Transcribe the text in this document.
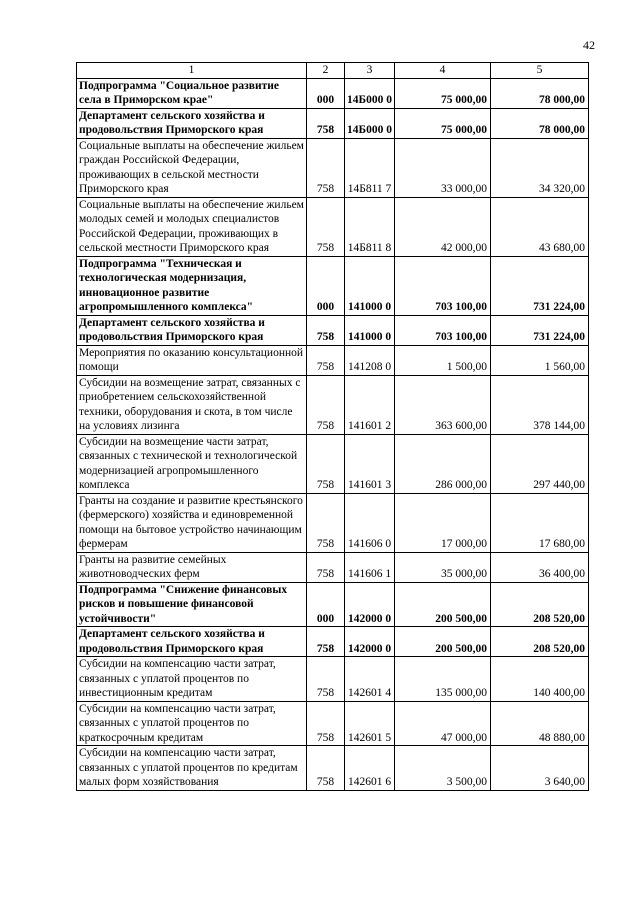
42
1	2	3	4	5
Подпрограмма "Социальное развитие села в Приморском крае"	000	14Б000 0	75 000,00	78 000,00
Департамент сельского хозяйства и продовольствия Приморского края	758	14Б000 0	75 000,00	78 000,00
Социальные выплаты на обеспечение жильем граждан Российской Федерации, проживающих в сельской местности Приморского края	758	14Б811 7	33 000,00	34 320,00
Социальные выплаты на обеспечение жильем молодых семей и молодых специалистов Российской Федерации, проживающих в сельской местности Приморского края	758	14Б811 8	42 000,00	43 680,00
Подпрограмма "Техническая и технологическая модернизация, инновационное развитие агропромышленного комплекса"	000	141000 0	703 100,00	731 224,00
Департамент сельского хозяйства и продовольствия Приморского края	758	141000 0	703 100,00	731 224,00
Мероприятия по оказанию консультационной помощи	758	141208 0	1 500,00	1 560,00
Субсидии на возмещение затрат, связанных с приобретением сельскохозяйственной техники, оборудования и скота, в том числе на условиях лизинга	758	141601 2	363 600,00	378 144,00
Субсидии на возмещение части затрат, связанных с технической и технологической модернизацией агропромышленного комплекса	758	141601 3	286 000,00	297 440,00
Гранты на создание и развитие крестьянского (фермерского) хозяйства и единовременной помощи на бытовое устройство начинающим фермерам	758	141606 0	17 000,00	17 680,00
Гранты на развитие семейных животноводческих ферм	758	141606 1	35 000,00	36 400,00
Подпрограмма "Снижение финансовых рисков и повышение финансовой устойчивости"	000	142000 0	200 500,00	208 520,00
Департамент сельского хозяйства и продовольствия Приморского края	758	142000 0	200 500,00	208 520,00
Субсидии на компенсацию части затрат, связанных с уплатой процентов по инвестиционным кредитам	758	142601 4	135 000,00	140 400,00
Субсидии на компенсацию части затрат, связанных с уплатой процентов по краткосрочным кредитам	758	142601 5	47 000,00	48 880,00
Субсидии на компенсацию части затрат, связанных с уплатой процентов по кредитам малых форм хозяйствования	758	142601 6	3 500,00	3 640,00
